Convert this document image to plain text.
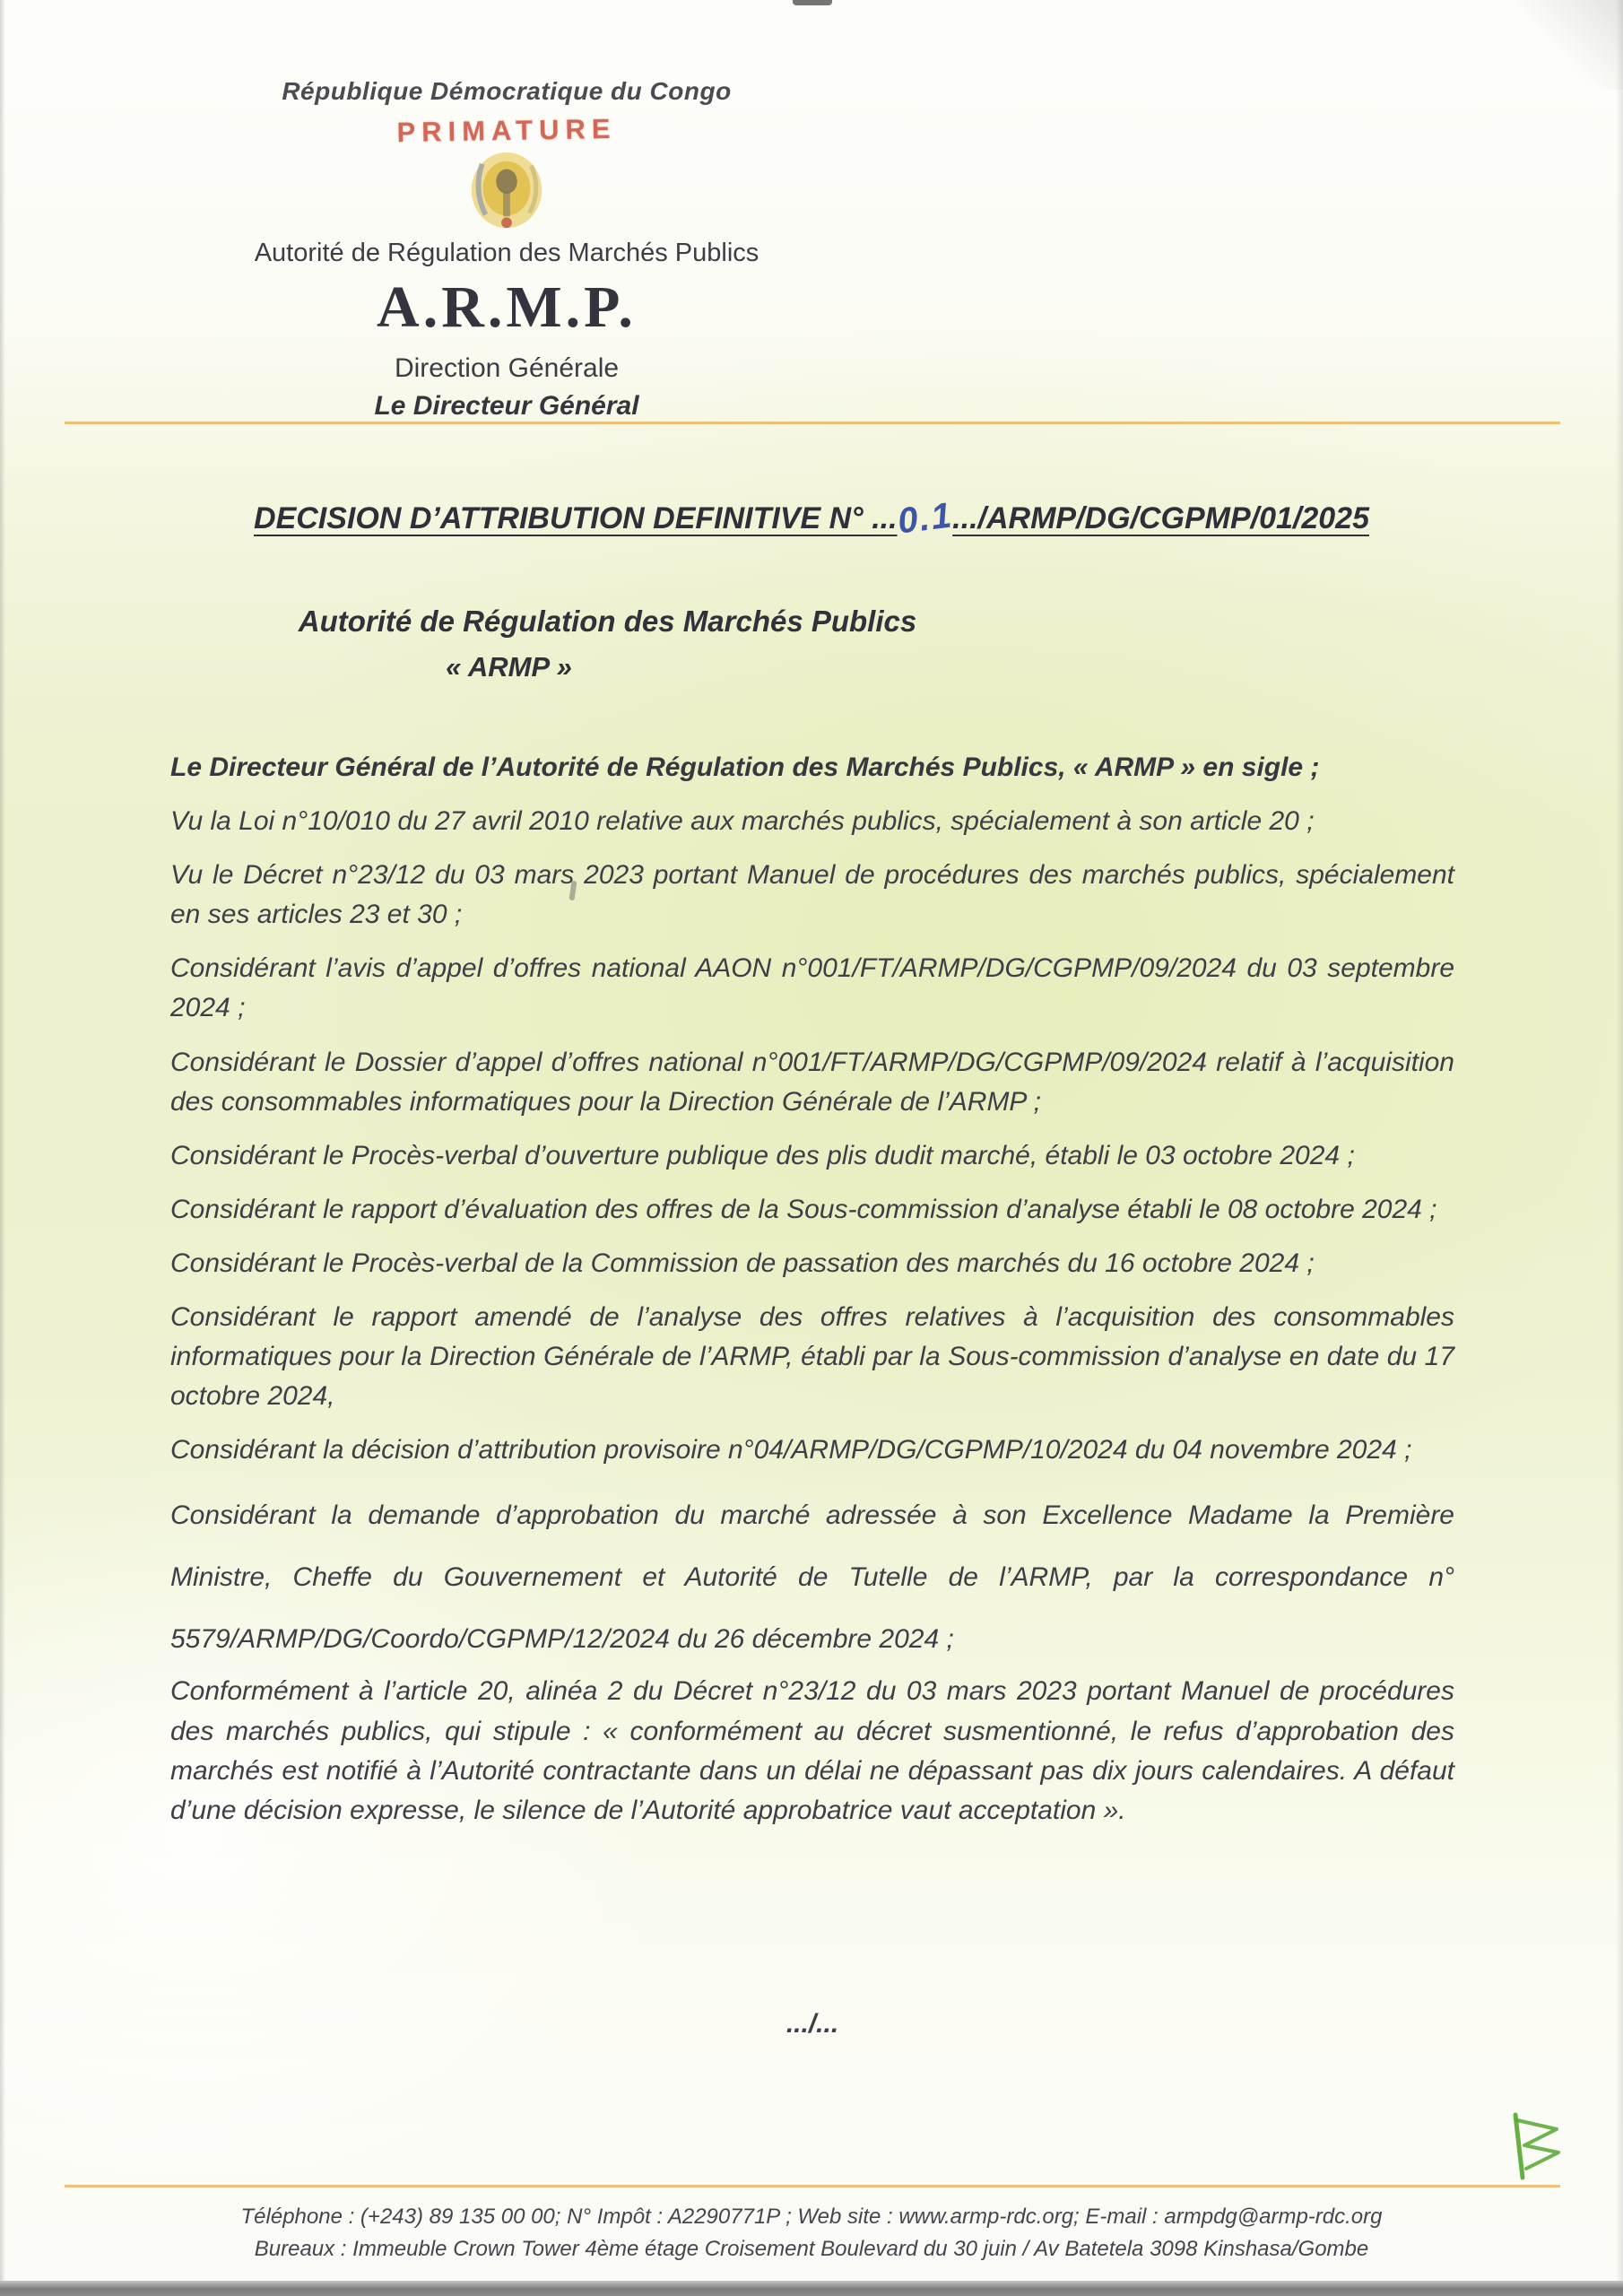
République Démocratique du Congo
PRIMATURE
Autorité de Régulation des Marchés Publics
A.R.M.P.
Direction Générale
Le Directeur Général
DECISION D’ATTRIBUTION DEFINITIVE N° ...0.1.../ARMP/DG/CGPMP/01/2025
Autorité de Régulation des Marchés Publics
« ARMP »

Le Directeur Général de l’Autorité de Régulation des Marchés Publics, « ARMP » en sigle ;

Vu la Loi n°10/010 du 27 avril 2010 relative aux marchés publics, spécialement à son article 20 ;

Vu le Décret n°23/12 du 03 mars 2023 portant Manuel de procédures des marchés publics, spécialement en ses articles 23 et 30 ;

Considérant l’avis d’appel d’offres national AAON n°001/FT/ARMP/DG/CGPMP/09/2024 du 03 septembre 2024 ;

Considérant le Dossier d’appel d’offres national n°001/FT/ARMP/DG/CGPMP/09/2024 relatif à l’acquisition des consommables informatiques pour la Direction Générale de l’ARMP ;

Considérant le Procès-verbal d’ouverture publique des plis dudit marché, établi le 03 octobre 2024 ;

Considérant le rapport d’évaluation des offres de la Sous-commission d’analyse établi le 08 octobre 2024 ;

Considérant le Procès-verbal de la Commission de passation des marchés du 16 octobre 2024 ;

Considérant le rapport amendé de l’analyse des offres relatives à l’acquisition des consommables informatiques pour la Direction Générale de l’ARMP, établi par la Sous-commission d’analyse en date du 17 octobre 2024,

Considérant la décision d’attribution provisoire n°04/ARMP/DG/CGPMP/10/2024 du 04 novembre 2024 ;

Considérant la demande d’approbation du marché adressée à son Excellence Madame la Première Ministre, Cheffe du Gouvernement et Autorité de Tutelle de l’ARMP, par la correspondance n° 5579/ARMP/DG/Coordo/CGPMP/12/2024 du 26 décembre 2024 ;

Conformément à l’article 20, alinéa 2 du Décret n°23/12 du 03 mars 2023 portant Manuel de procédures des marchés publics, qui stipule : « conformément au décret susmentionné, le refus d’approbation des marchés est notifié à l’Autorité contractante dans un délai ne dépassant pas dix jours calendaires. A défaut d’une décision expresse, le silence de l’Autorité approbatrice vaut acceptation ».

.../...
Téléphone : (+243) 89 135 00 00; N° Impôt : A2290771P ; Web site : www.armp-rdc.org; E-mail : armpdg@armp-rdc.org
Bureaux : Immeuble Crown Tower 4ème étage Croisement Boulevard du 30 juin / Av Batetela 3098 Kinshasa/Gombe
